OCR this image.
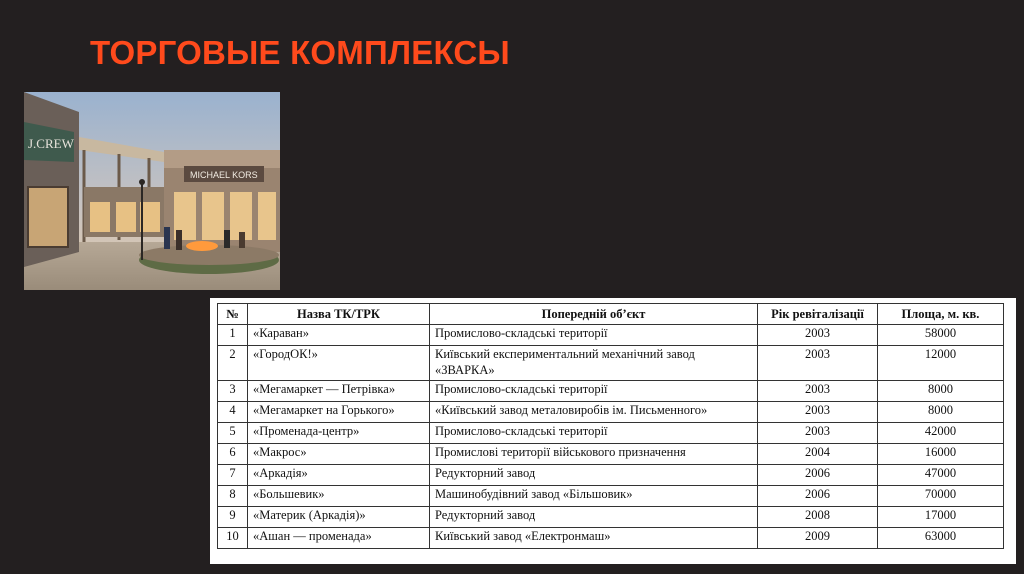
ТОРГОВЫЕ КОМПЛЕКСЫ
J.CREW
MICHAEL KORS
№	Назва ТК/ТРК	Попередній об’єкт	Рік ревіталізації	Площа, м. кв.
1	«Караван»	Промислово-складські території	2003	58000
2	«ГородОК!»	Київський експериментальний механічний завод «ЗВАРКА»	2003	12000
3	«Мегамаркет — Петрівка»	Промислово-складські території	2003	8000
4	«Мегамаркет на Горького»	«Київський завод металовиробів ім. Письменного»	2003	8000
5	«Променада-центр»	Промислово-складські території	2003	42000
6	«Макрос»	Промислові території військового призначення	2004	16000
7	«Аркадія»	Редукторний завод	2006	47000
8	«Большевик»	Машинобудівний завод «Більшовик»	2006	70000
9	«Материк (Аркадія)»	Редукторний завод	2008	17000
10	«Ашан — променада»	Київський завод «Електронмаш»	2009	63000
